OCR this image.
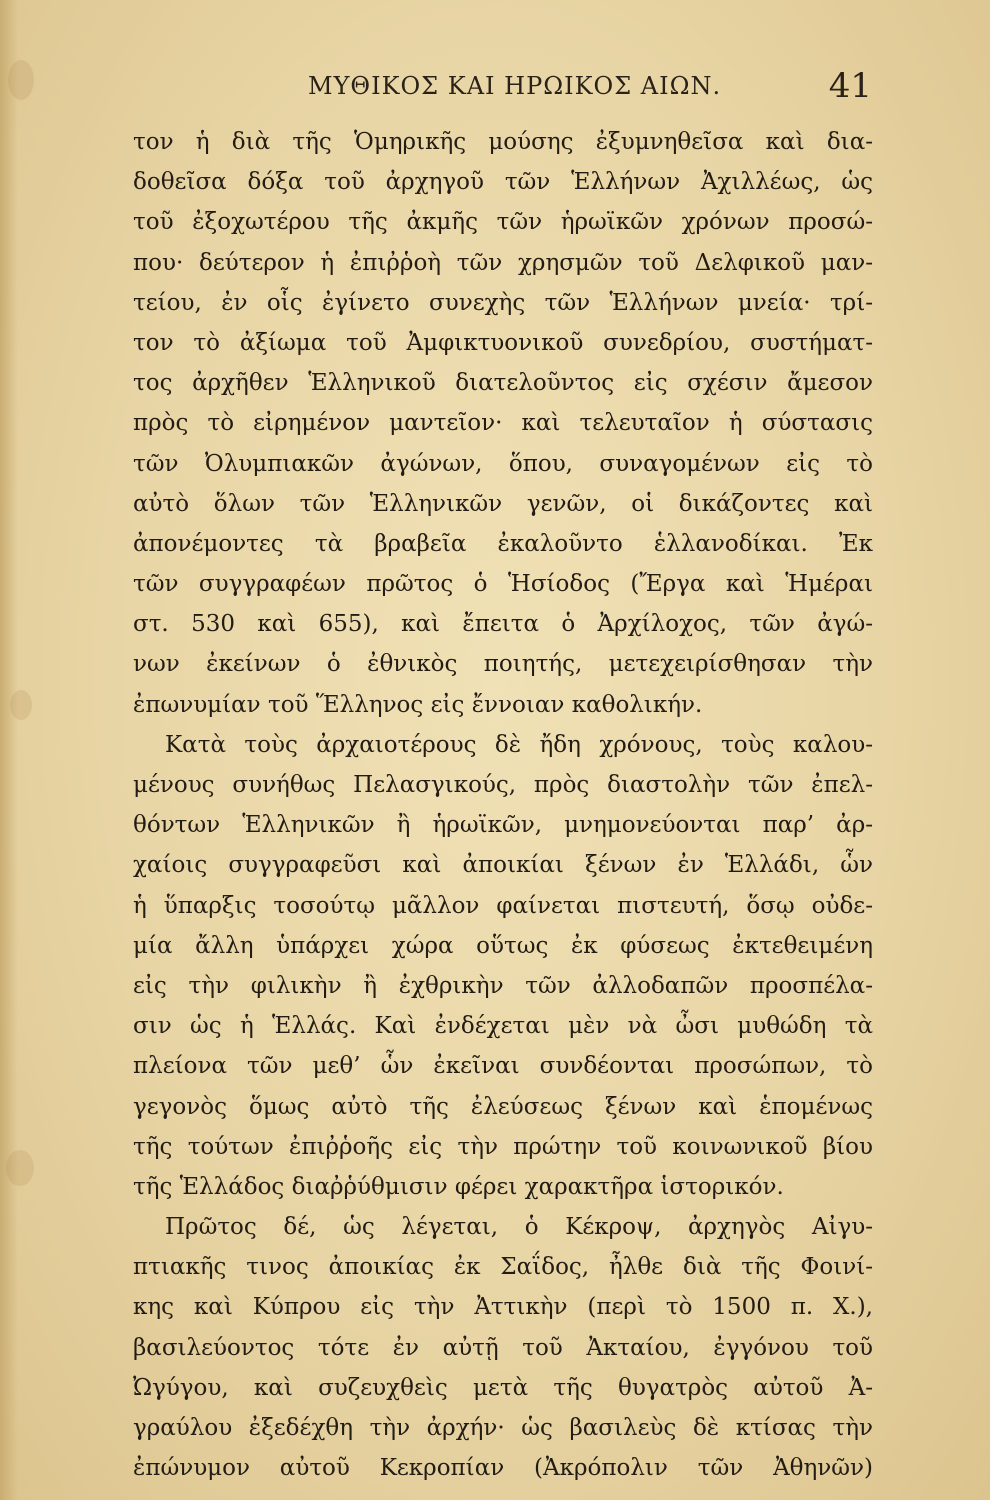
ΜΥΘΙΚΟΣ ΚΑΙ ΗΡΩΙΚΟΣ ΑΙΩΝ.	41
τον ἡ διὰ τῆς Ὁμηρικῆς μούσης ἐξυμνηθεῖσα καὶ δια-
δοθεῖσα δόξα τοῦ ἀρχηγοῦ τῶν Ἑλλήνων Ἀχιλλέως, ὡς
τοῦ ἐξοχωτέρου τῆς ἀκμῆς τῶν ἡρωϊκῶν χρόνων προσώ-
που· δεύτερον ἡ ἐπιῤῥοὴ τῶν χρησμῶν τοῦ Δελφικοῦ μαν-
τείου, ἐν οἷς ἐγίνετο συνεχὴς τῶν Ἑλλήνων μνεία· τρί-
τον τὸ ἀξίωμα τοῦ Ἀμφικτυονικοῦ συνεδρίου, συστήματ-
τος ἀρχῆθεν Ἑλληνικοῦ διατελοῦντος εἰς σχέσιν ἄμεσον
πρὸς τὸ εἰρημένον μαντεῖον· καὶ τελευταῖον ἡ σύστασις
τῶν Ὀλυμπιακῶν ἀγώνων, ὅπου, συναγομένων εἰς τὸ
αὐτὸ ὅλων τῶν Ἑλληνικῶν γενῶν, οἱ δικάζοντες καὶ
ἀπονέμοντες τὰ βραβεῖα ἐκαλοῦντο ἑλλανοδίκαι. Ἐκ
τῶν συγγραφέων πρῶτος ὁ Ἡσίοδος (Ἔργα καὶ Ἡμέραι
στ. 530 καὶ 655), καὶ ἔπειτα ὁ Ἀρχίλοχος, τῶν ἀγώ-
νων ἐκείνων ὁ ἐθνικὸς ποιητής, μετεχειρίσθησαν τὴν
ἐπωνυμίαν τοῦ Ἕλληνος εἰς ἔννοιαν καθολικήν.
Κατὰ τοὺς ἀρχαιοτέρους δὲ ἤδη χρόνους, τοὺς καλου-
μένους συνήθως Πελασγικούς, πρὸς διαστολὴν τῶν ἐπελ-
θόντων Ἑλληνικῶν ἢ ἡρωϊκῶν, μνημονεύονται παρ’ ἀρ-
χαίοις συγγραφεῦσι καὶ ἀποικίαι ξένων ἐν Ἑλλάδι, ὧν
ἡ ὕπαρξις τοσούτῳ μᾶλλον φαίνεται πιστευτή, ὅσῳ οὐδε-
μία ἄλλη ὑπάρχει χώρα οὕτως ἐκ φύσεως ἐκτεθειμένη
εἰς τὴν φιλικὴν ἢ ἐχθρικὴν τῶν ἀλλοδαπῶν προσπέλα-
σιν ὡς ἡ Ἑλλάς. Καὶ ἐνδέχεται μὲν νὰ ὦσι μυθώδη τὰ
πλείονα τῶν μεθ’ ὧν ἐκεῖναι συνδέονται προσώπων, τὸ
γεγονὸς ὅμως αὐτὸ τῆς ἐλεύσεως ξένων καὶ ἑπομένως
τῆς τούτων ἐπιῤῥοῆς εἰς τὴν πρώτην τοῦ κοινωνικοῦ βίου
τῆς Ἑλλάδος διαῤῥύθμισιν φέρει χαρακτῆρα ἱστορικόν.
Πρῶτος δέ, ὡς λέγεται, ὁ Κέκροψ, ἀρχηγὸς Αἰγυ-
πτιακῆς τινος ἀποικίας ἐκ Σαΐδος, ἦλθε διὰ τῆς Φοινί-
κης καὶ Κύπρου εἰς τὴν Ἀττικὴν (περὶ τὸ 1500 π. Χ.),
βασιλεύοντος τότε ἐν αὐτῇ τοῦ Ἀκταίου, ἐγγόνου τοῦ
Ὠγύγου, καὶ συζευχθεὶς μετὰ τῆς θυγατρὸς αὐτοῦ Ἀ-
γραύλου ἐξεδέχθη τὴν ἀρχήν· ὡς βασιλεὺς δὲ κτίσας τὴν
ἐπώνυμον αὐτοῦ Κεκροπίαν (Ἀκρόπολιν τῶν Ἀθηνῶν)
